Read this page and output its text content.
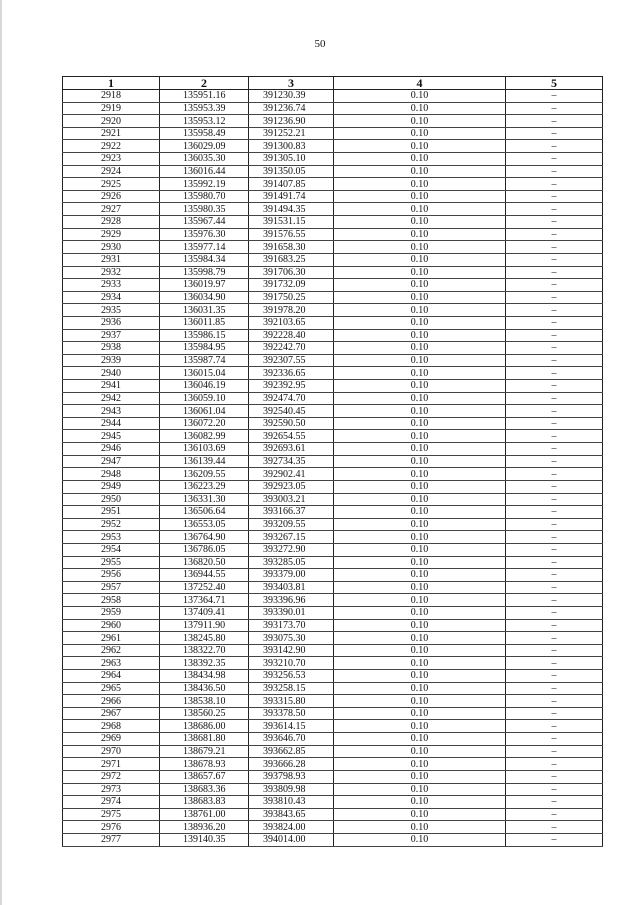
50
1	2	3	4	5
2918	135951.16	391230.39	0.10	–
2919	135953.39	391236.74	0.10	–
2920	135953.12	391236.90	0.10	–
2921	135958.49	391252.21	0.10	–
2922	136029.09	391300.83	0.10	–
2923	136035.30	391305.10	0.10	–
2924	136016.44	391350.05	0.10	–
2925	135992.19	391407.85	0.10	–
2926	135980.70	391491.74	0.10	–
2927	135980.35	391494.35	0.10	–
2928	135967.44	391531.15	0.10	–
2929	135976.30	391576.55	0.10	–
2930	135977.14	391658.30	0.10	–
2931	135984.34	391683.25	0.10	–
2932	135998.79	391706.30	0.10	–
2933	136019.97	391732.09	0.10	–
2934	136034.90	391750.25	0.10	–
2935	136031.35	391978.20	0.10	–
2936	136011.85	392103.65	0.10	–
2937	135986.15	392228.40	0.10	–
2938	135984.95	392242.70	0.10	–
2939	135987.74	392307.55	0.10	–
2940	136015.04	392336.65	0.10	–
2941	136046.19	392392.95	0.10	–
2942	136059.10	392474.70	0.10	–
2943	136061.04	392540.45	0.10	–
2944	136072.20	392590.50	0.10	–
2945	136082.99	392654.55	0.10	–
2946	136103.69	392693.61	0.10	–
2947	136139.44	392734.35	0.10	–
2948	136209.55	392902.41	0.10	–
2949	136223.29	392923.05	0.10	–
2950	136331.30	393003.21	0.10	–
2951	136506.64	393166.37	0.10	–
2952	136553.05	393209.55	0.10	–
2953	136764.90	393267.15	0.10	–
2954	136786.05	393272.90	0.10	–
2955	136820.50	393285.05	0.10	–
2956	136944.55	393379.00	0.10	–
2957	137252.40	393403.81	0.10	–
2958	137364.71	393396.96	0.10	–
2959	137409.41	393390.01	0.10	–
2960	137911.90	393173.70	0.10	–
2961	138245.80	393075.30	0.10	–
2962	138322.70	393142.90	0.10	–
2963	138392.35	393210.70	0.10	–
2964	138434.98	393256.53	0.10	–
2965	138436.50	393258.15	0.10	–
2966	138538.10	393315.80	0.10	–
2967	138560.25	393378.50	0.10	–
2968	138686.00	393614.15	0.10	–
2969	138681.80	393646.70	0.10	–
2970	138679.21	393662.85	0.10	–
2971	138678.93	393666.28	0.10	–
2972	138657.67	393798.93	0.10	–
2973	138683.36	393809.98	0.10	–
2974	138683.83	393810.43	0.10	–
2975	138761.00	393843.65	0.10	–
2976	138936.20	393824.00	0.10	–
2977	139140.35	394014.00	0.10	–
